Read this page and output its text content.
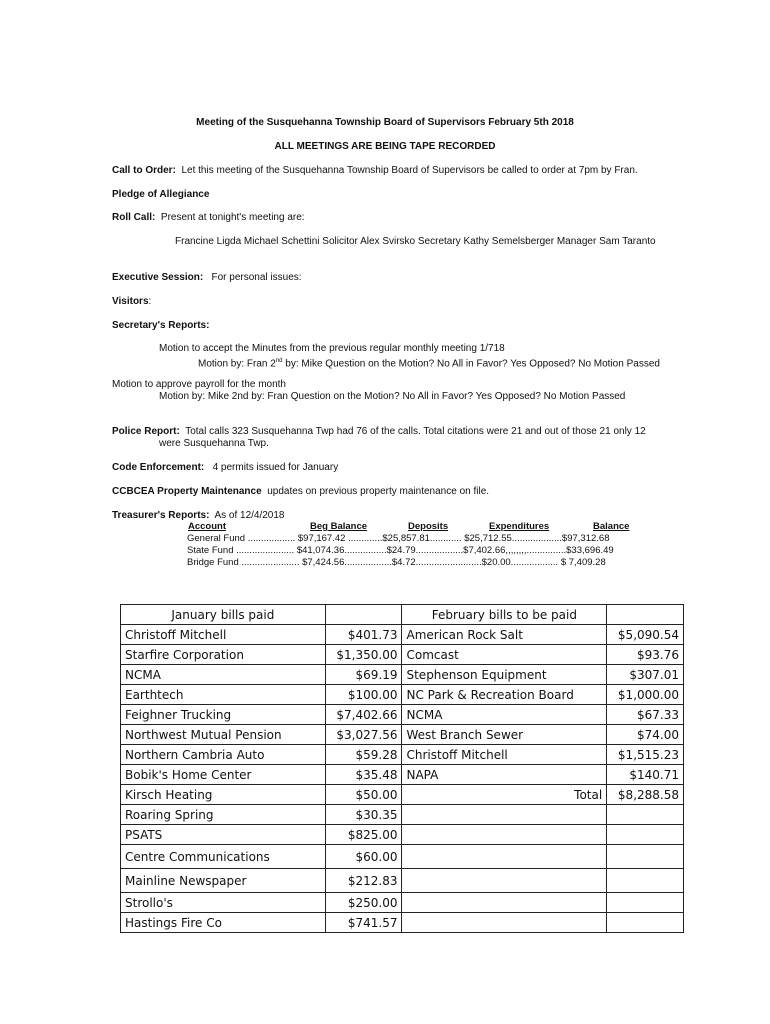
Meeting of the Susquehanna Township Board of Supervisors February 5th 2018
ALL MEETINGS ARE BEING TAPE RECORDED
Call to Order: Let this meeting of the Susquehanna Township Board of Supervisors be called to order at 7pm by Fran.
Pledge of Allegiance
Roll Call: Present at tonight's meeting are:
Francine Ligda Michael Schettini Solicitor Alex Svirsko Secretary Kathy Semelsberger Manager Sam Taranto
Executive Session: For personal issues:
Visitors:
Secretary's Reports:
Motion to accept the Minutes from the previous regular monthly meeting 1/718
Motion by: Fran 2nd by: Mike Question on the Motion? No All in Favor? Yes Opposed? No Motion Passed
Motion to approve payroll for the month
Motion by: Mike 2nd by: Fran Question on the Motion? No All in Favor? Yes Opposed? No Motion Passed
Police Report: Total calls 323 Susquehanna Twp had 76 of the calls. Total citations were 21 and out of those 21 only 12
were Susquehanna Twp.
Code Enforcement: 4 permits issued for January
CCBCEA Property Maintenance updates on previous property maintenance on file.
Treasurer's Reports: As of 12/4/2018
Account	Beg Balance	Deposits	Expenditures	Balance
General Fund .................. $97,167.42 .............$25,857.81............ $25,712.55...................$97,312.68
State Fund ...................... $41,074.36................$24.79..................$7,402.66,,,,,,,,...............$33,696.49
Bridge Fund ...................... $7,424.56..................$4.72.........................$20.00.................. $ 7,409.28
January bills paid		February bills to be paid	
Christoff Mitchell	$401.73	American Rock Salt	$5,090.54
Starfire Corporation	$1,350.00	Comcast	$93.76
NCMA	$69.19	Stephenson Equipment	$307.01
Earthtech	$100.00	NC Park & Recreation Board	$1,000.00
Feighner Trucking	$7,402.66	NCMA	$67.33
Northwest Mutual Pension	$3,027.56	West Branch Sewer	$74.00
Northern Cambria Auto	$59.28	Christoff Mitchell	$1,515.23
Bobik's Home Center	$35.48	NAPA	$140.71
Kirsch Heating	$50.00	Total	$8,288.58
Roaring Spring	$30.35		
PSATS	$825.00		
Centre Communications	$60.00		
Mainline Newspaper	$212.83		
Strollo's	$250.00		
Hastings Fire Co	$741.57		
